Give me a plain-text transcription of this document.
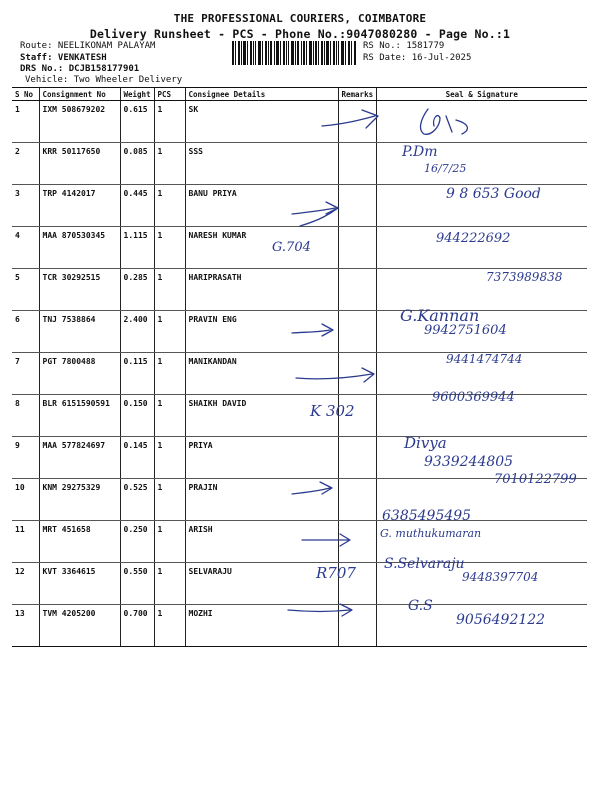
THE PROFESSIONAL COURIERS, COIMBATORE
Delivery Runsheet - PCS - Phone No.:9047080280 - Page No.:1
Route: NEELIKONAM PALAYAM
Staff: VENKATESH
DRS No.: DCJB158177901
Vehicle: Two Wheeler Delivery
RS No.: 1581779
RS Date: 16-Jul-2025
S No	Consignment No	Weight	PCS	Consignee Details	Remarks	Seal & Signature
1	IXM 508679202	0.615	1	SK		
2	KRR 50117650	0.085	1	SSS		
3	TRP 4142017	0.445	1	BANU PRIYA		
4	MAA 870530345	1.115	1	NARESH KUMAR		
5	TCR 30292515	0.285	1	HARIPRASATH		
6	TNJ 7538864	2.400	1	PRAVIN ENG		
7	PGT 7800488	0.115	1	MANIKANDAN		
8	BLR 6151590591	0.150	1	SHAIKH DAVID		
9	MAA 577824697	0.145	1	PRIYA		
10	KNM 29275329	0.525	1	PRAJIN		
11	MRT 451658	0.250	1	ARISH		
12	KVT 3364615	0.550	1	SELVARAJU		
13	TVM 4205200	0.700	1	MOZHI		
P.Dm
16/7/25
9 8 653 Good
G.704
944222692
7373989838
G.Kannan
9942751604
9441474744
K 302
9600369944
Divya
9339244805
7010122799
6385495495
G. muthukumaran
R707 S.Selvaraju
9448397704
G.S
9056492122
